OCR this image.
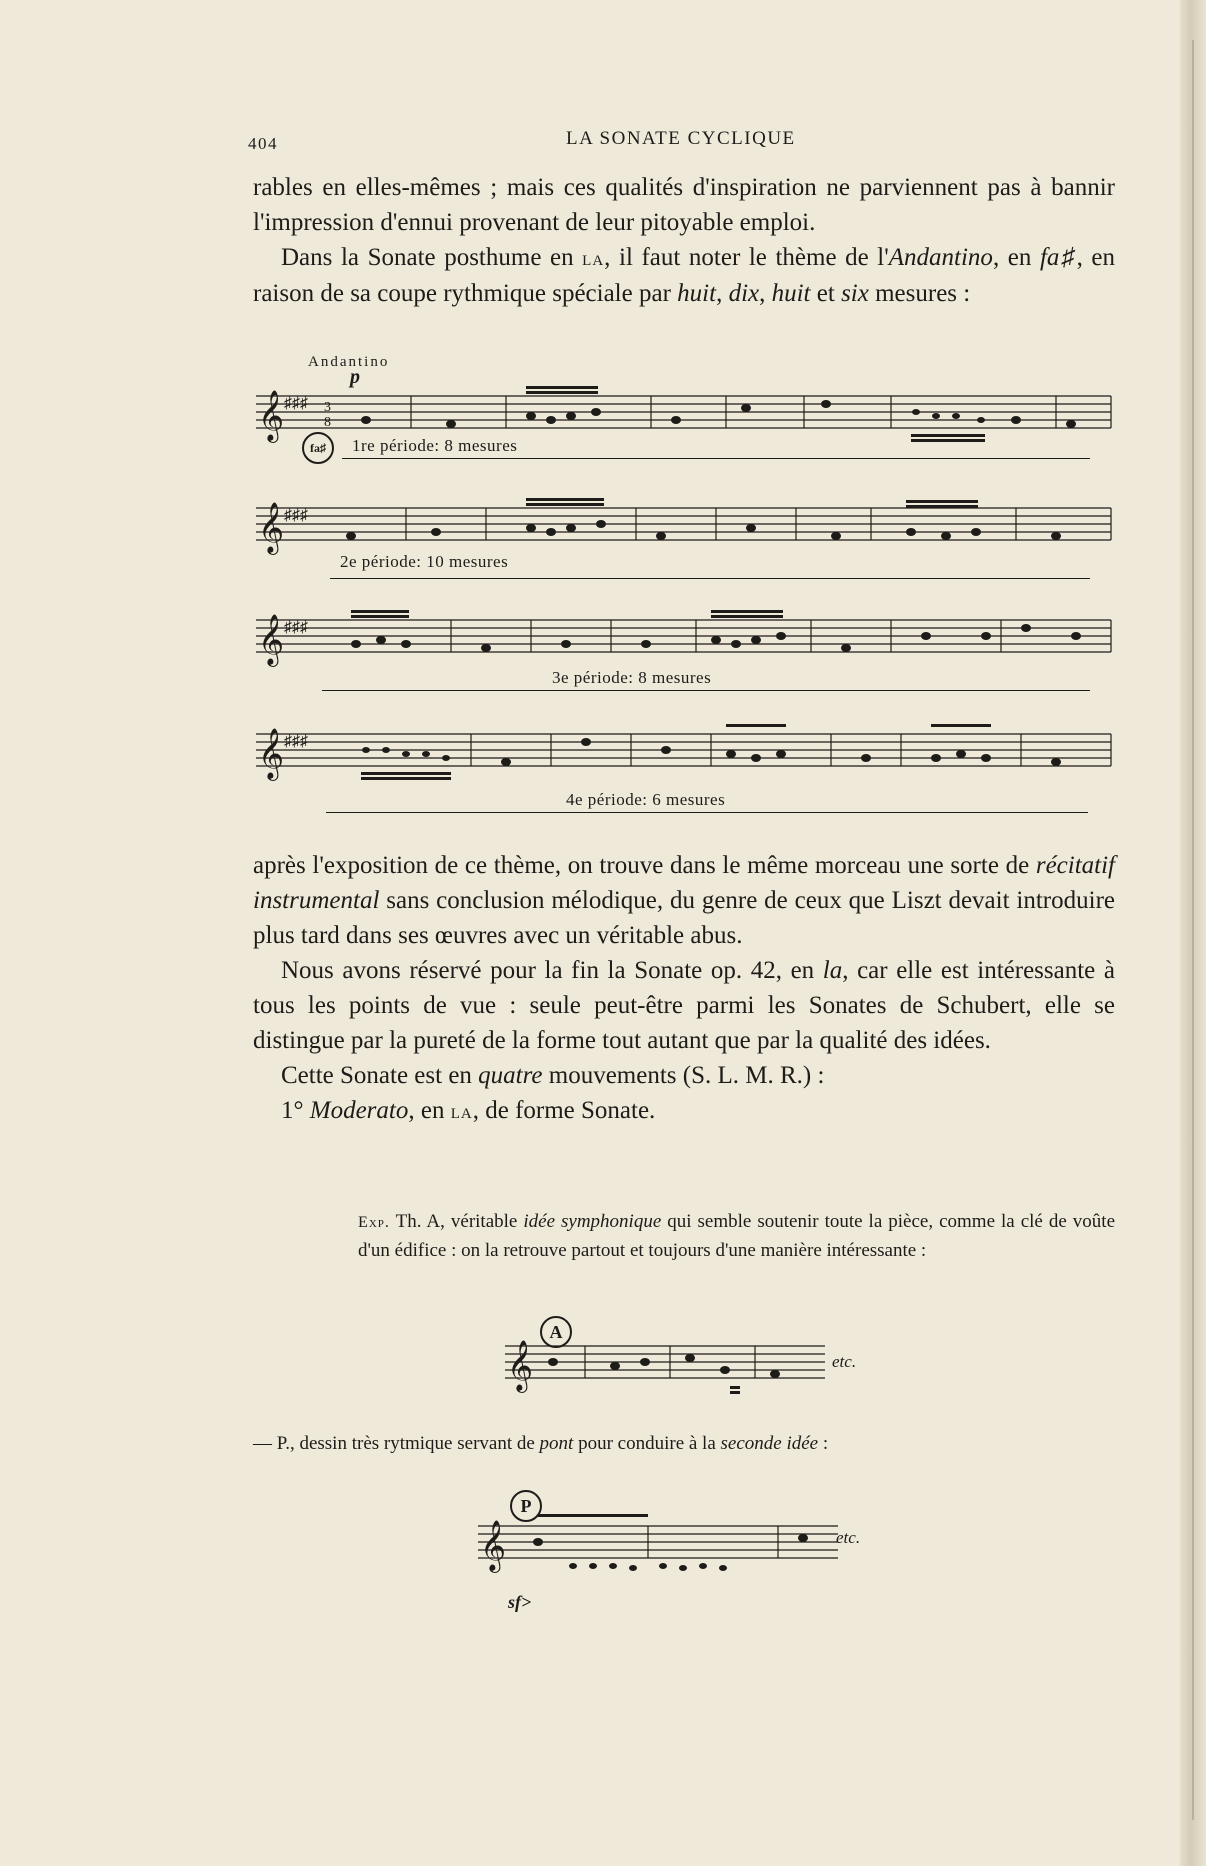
404	LA SONATE CYCLIQUE

rables en elles-mêmes ; mais ces qualités d'inspiration ne parviennent pas à bannir l'impression d'ennui provenant de leur pitoyable emploi.

Dans la Sonate posthume en la, il faut noter le thème de l'Andantino, en fa♯, en raison de sa coupe rythmique spéciale par huit, dix, huit et six mesures :

Andantino
p
fa♯
𝄞 ♯♯♯ 3
8
1re période: 8 mesures
𝄞 ♯♯♯
2e période: 10 mesures
𝄞 ♯♯♯
3e période: 8 mesures
𝄞 ♯♯♯
4e période: 6 mesures

après l'exposition de ce thème, on trouve dans le même morceau une sorte de récitatif instrumental sans conclusion mélodique, du genre de ceux que Liszt devait introduire plus tard dans ses œuvres avec un véritable abus.

Nous avons réservé pour la fin la Sonate op. 42, en la, car elle est intéressante à tous les points de vue : seule peut-être parmi les Sonates de Schubert, elle se distingue par la pureté de la forme tout autant que par la qualité des idées.

Cette Sonate est en quatre mouvements (S. L. M. R.) :

1° Moderato, en la, de forme Sonate.

Exp. Th. A, véritable idée symphonique qui semble soutenir toute la pièce, comme la clé de voûte d'un édifice : on la retrouve partout et toujours d'une manière intéressante :

A
𝄞	etc.
— P., dessin très rytmique servant de pont pour conduire à la seconde idée :
P
𝄞
sf>
etc.
